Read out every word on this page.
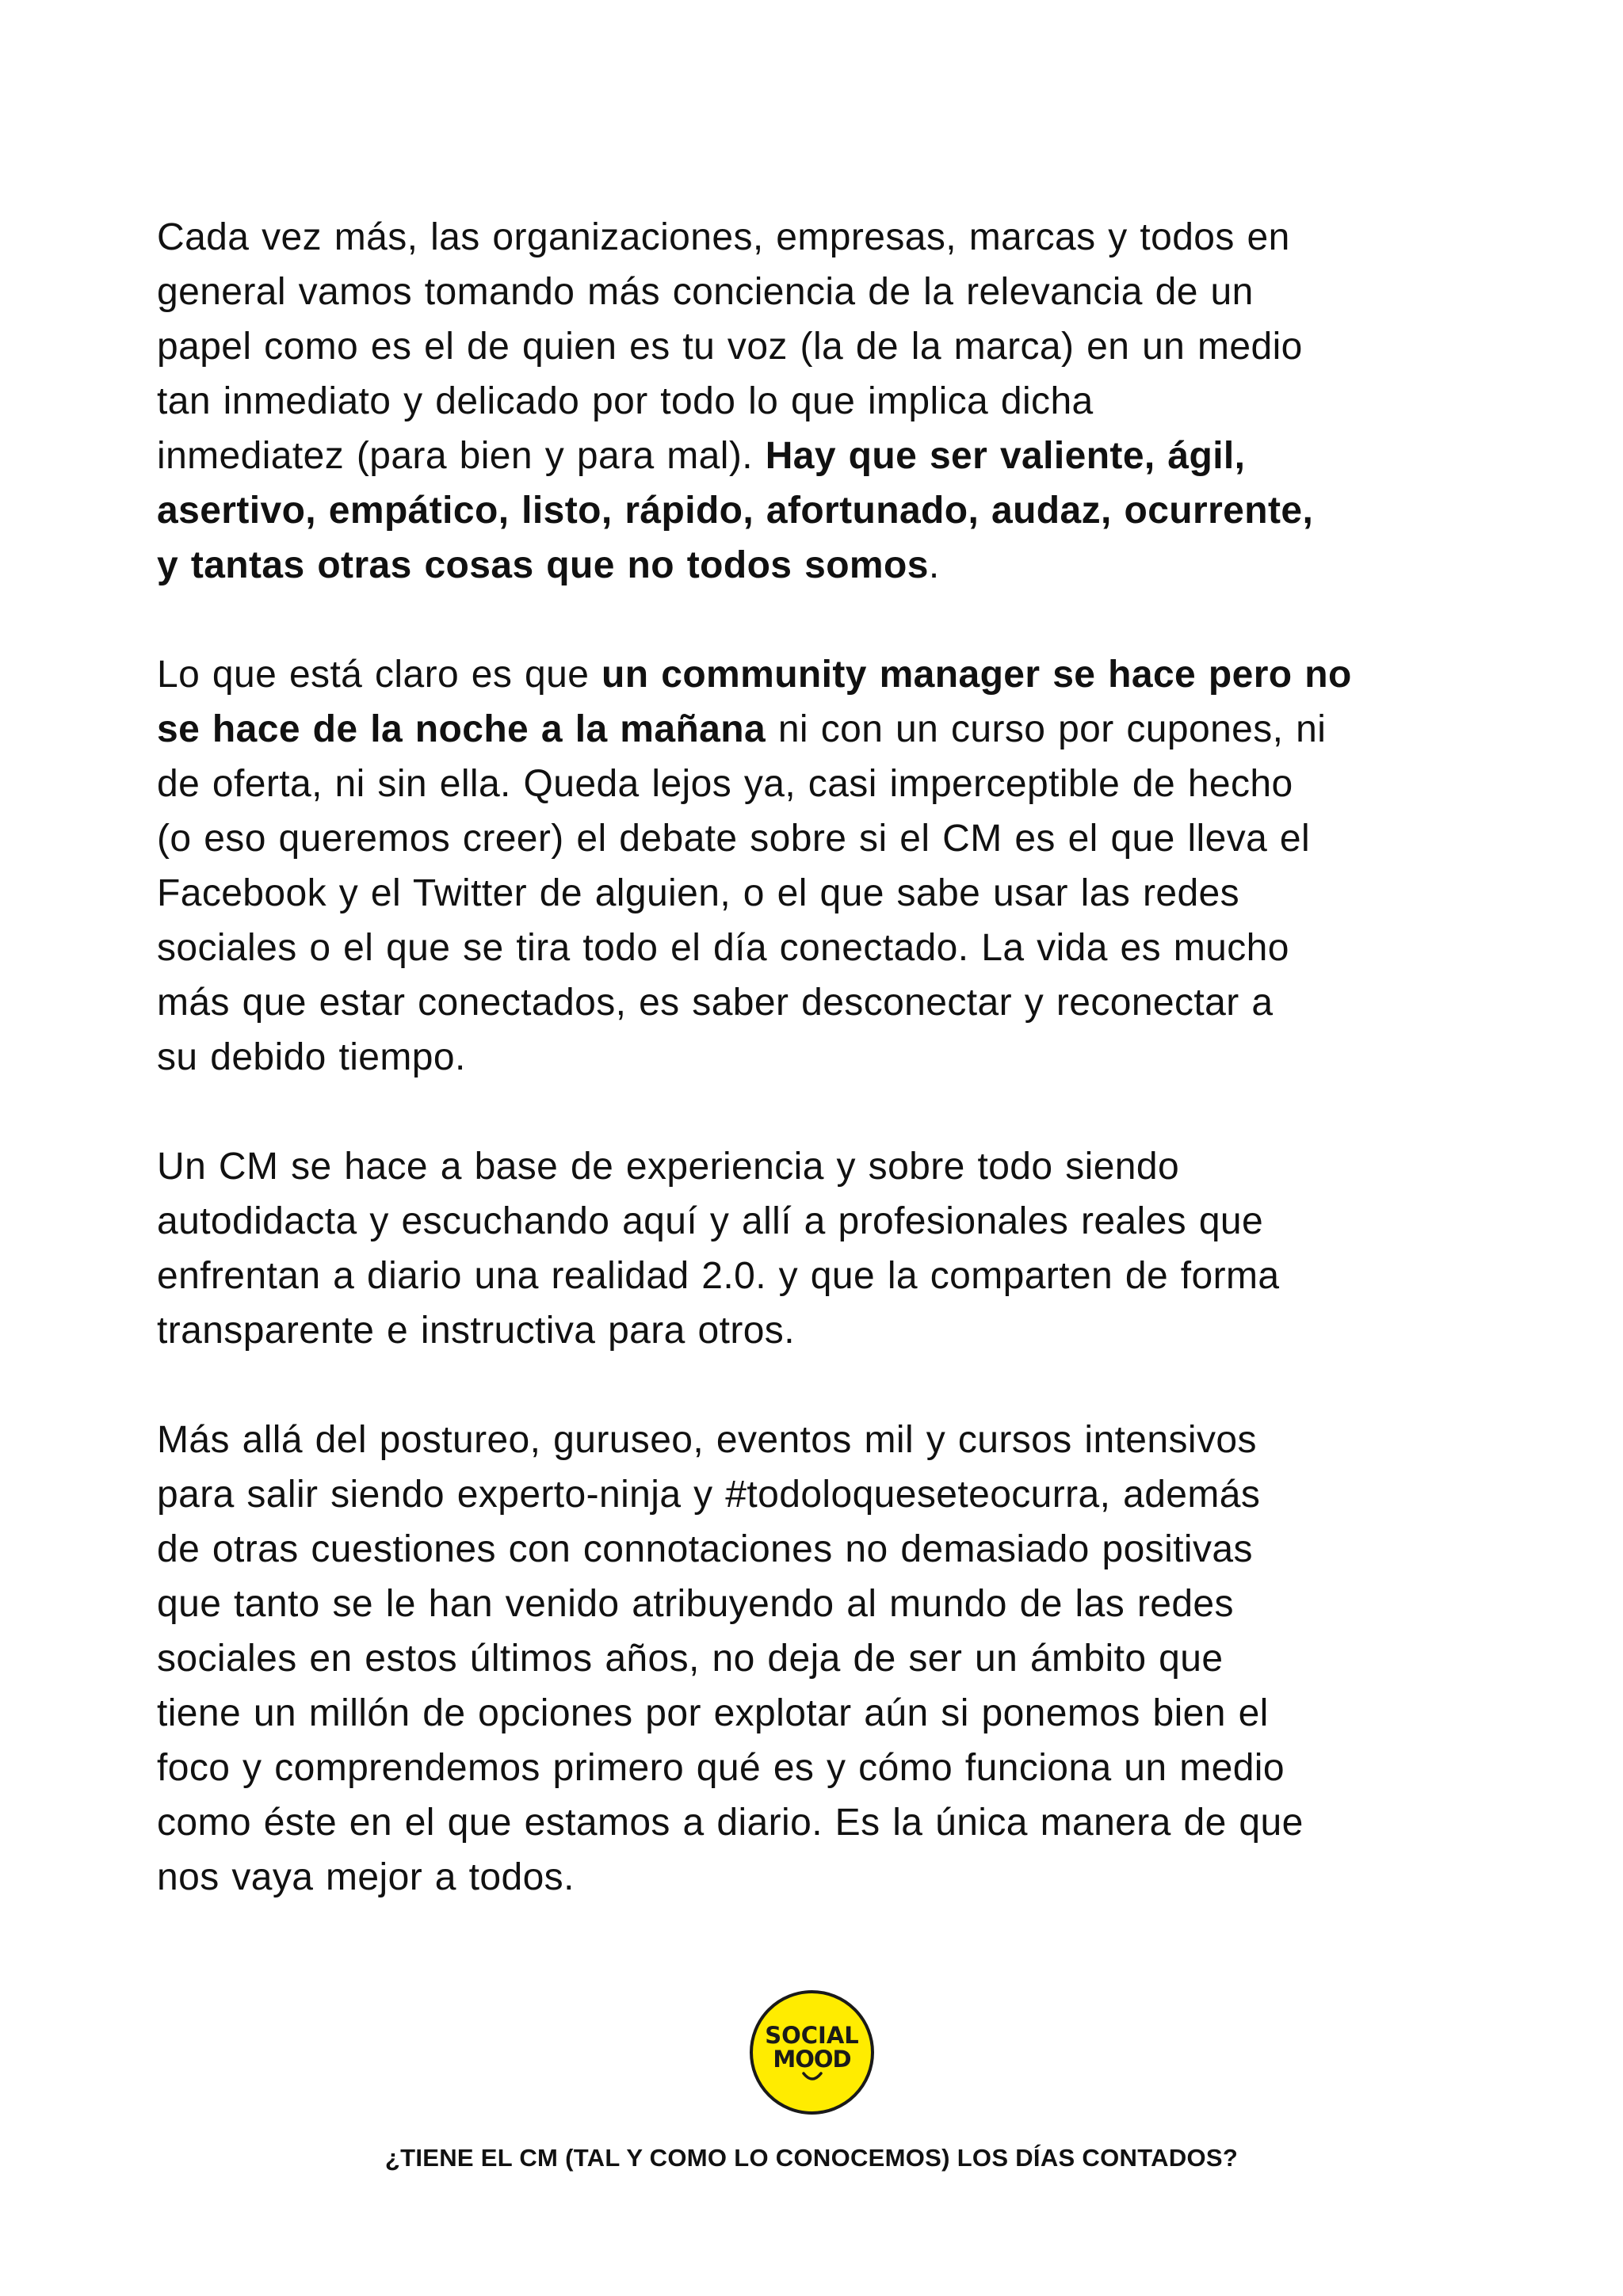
Cada vez más, las organizaciones, empresas, marcas y todos en
general vamos tomando más conciencia de la relevancia de un
papel como es el de quien es tu voz (la de la marca) en un medio
tan inmediato y delicado por todo lo que implica dicha
inmediatez (para bien y para mal). Hay que ser valiente, ágil,
asertivo, empático, listo, rápido, afortunado, audaz, ocurrente,
y tantas otras cosas que no todos somos.

Lo que está claro es que un community manager se hace pero no
se hace de la noche a la mañana ni con un curso por cupones, ni
de oferta, ni sin ella. Queda lejos ya, casi imperceptible de hecho
(o eso queremos creer) el debate sobre si el CM es el que lleva el
Facebook y el Twitter de alguien, o el que sabe usar las redes
sociales o el que se tira todo el día conectado. La vida es mucho
más que estar conectados, es saber desconectar y reconectar a
su debido tiempo.

Un CM se hace a base de experiencia y sobre todo siendo
autodidacta y escuchando aquí y allí a profesionales reales que
enfrentan a diario una realidad 2.0. y que la comparten de forma
transparente e instructiva para otros.

Más allá del postureo, guruseo, eventos mil y cursos intensivos
para salir siendo experto-ninja y #todoloqueseteocurra, además
de otras cuestiones con connotaciones no demasiado positivas
que tanto se le han venido atribuyendo al mundo de las redes
sociales en estos últimos años, no deja de ser un ámbito que
tiene un millón de opciones por explotar aún si ponemos bien el
foco y comprendemos primero qué es y cómo funciona un medio
como éste en el que estamos a diario. Es la única manera de que
nos vaya mejor a todos.

SOCIAL
MOOD
¿TIENE EL CM (TAL Y COMO LO CONOCEMOS) LOS DÍAS CONTADOS?
